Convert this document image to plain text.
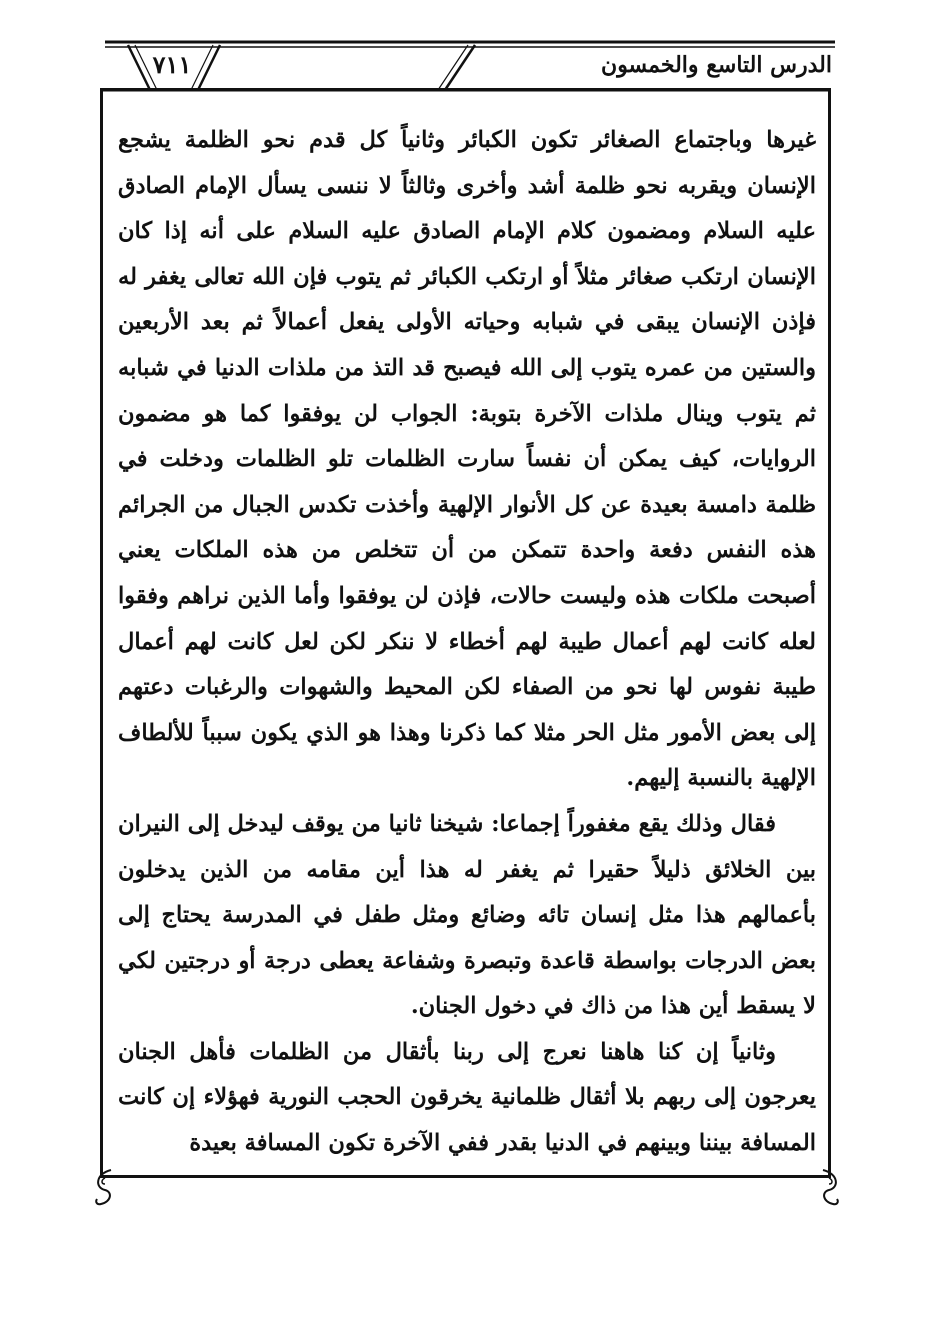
٧١١	الدرس التاسع والخمسون

غيرها وباجتماع الصغائر تكون الكبائر وثانياً كل قدم نحو الظلمة يشجع الإنسان ويقربه نحو ظلمة أشد وأخرى وثالثاً لا ننسى يسأل الإمام الصادق عليه السلام ومضمون كلام الإمام الصادق عليه السلام على أنه إذا كان الإنسان ارتكب صغائر مثلاً أو ارتكب الكبائر ثم يتوب فإن الله تعالى يغفر له فإذن الإنسان يبقى في شبابه وحياته الأولى يفعل أعمالاً ثم بعد الأربعين والستين من عمره يتوب إلى الله فيصبح قد التذ من ملذات الدنيا في شبابه ثم يتوب وينال ملذات الآخرة بتوبة: الجواب لن يوفقوا كما هو مضمون الروايات، كيف يمكن أن نفساً سارت الظلمات تلو الظلمات ودخلت في ظلمة دامسة بعيدة عن كل الأنوار الإلهية وأخذت تكدس الجبال من الجرائم هذه النفس دفعة واحدة تتمكن من أن تتخلص من هذه الملكات يعني أصبحت ملكات هذه وليست حالات، فإذن لن يوفقوا وأما الذين نراهم وفقوا لعله كانت لهم أعمال طيبة لهم أخطاء لا ننكر لكن لعل كانت لهم أعمال طيبة نفوس لها نحو من الصفاء لكن المحيط والشهوات والرغبات دعتهم إلى بعض الأمور مثل الحر مثلا كما ذكرنا وهذا هو الذي يكون سبباً للألطاف الإلهية بالنسبة إليهم.

فقال وذلك يقع مغفوراً إجماعا: شيخنا ثانيا من يوقف ليدخل إلى النيران بين الخلائق ذليلاً حقيرا ثم يغفر له هذا أين مقامه من الذين يدخلون بأعمالهم هذا مثل إنسان تائه وضائع ومثل طفل في المدرسة يحتاج إلى بعض الدرجات بواسطة قاعدة وتبصرة وشفاعة يعطى درجة أو درجتين لكي لا يسقط أين هذا من ذاك في دخول الجنان.

وثانياً إن كنا هاهنا نعرج إلى ربنا بأثقال من الظلمات فأهل الجنان يعرجون إلى ربهم بلا أثقال ظلمانية يخرقون الحجب النورية فهؤلاء إن كانت المسافة بيننا وبينهم في الدنيا بقدر ففي الآخرة تكون المسافة بعيدة
